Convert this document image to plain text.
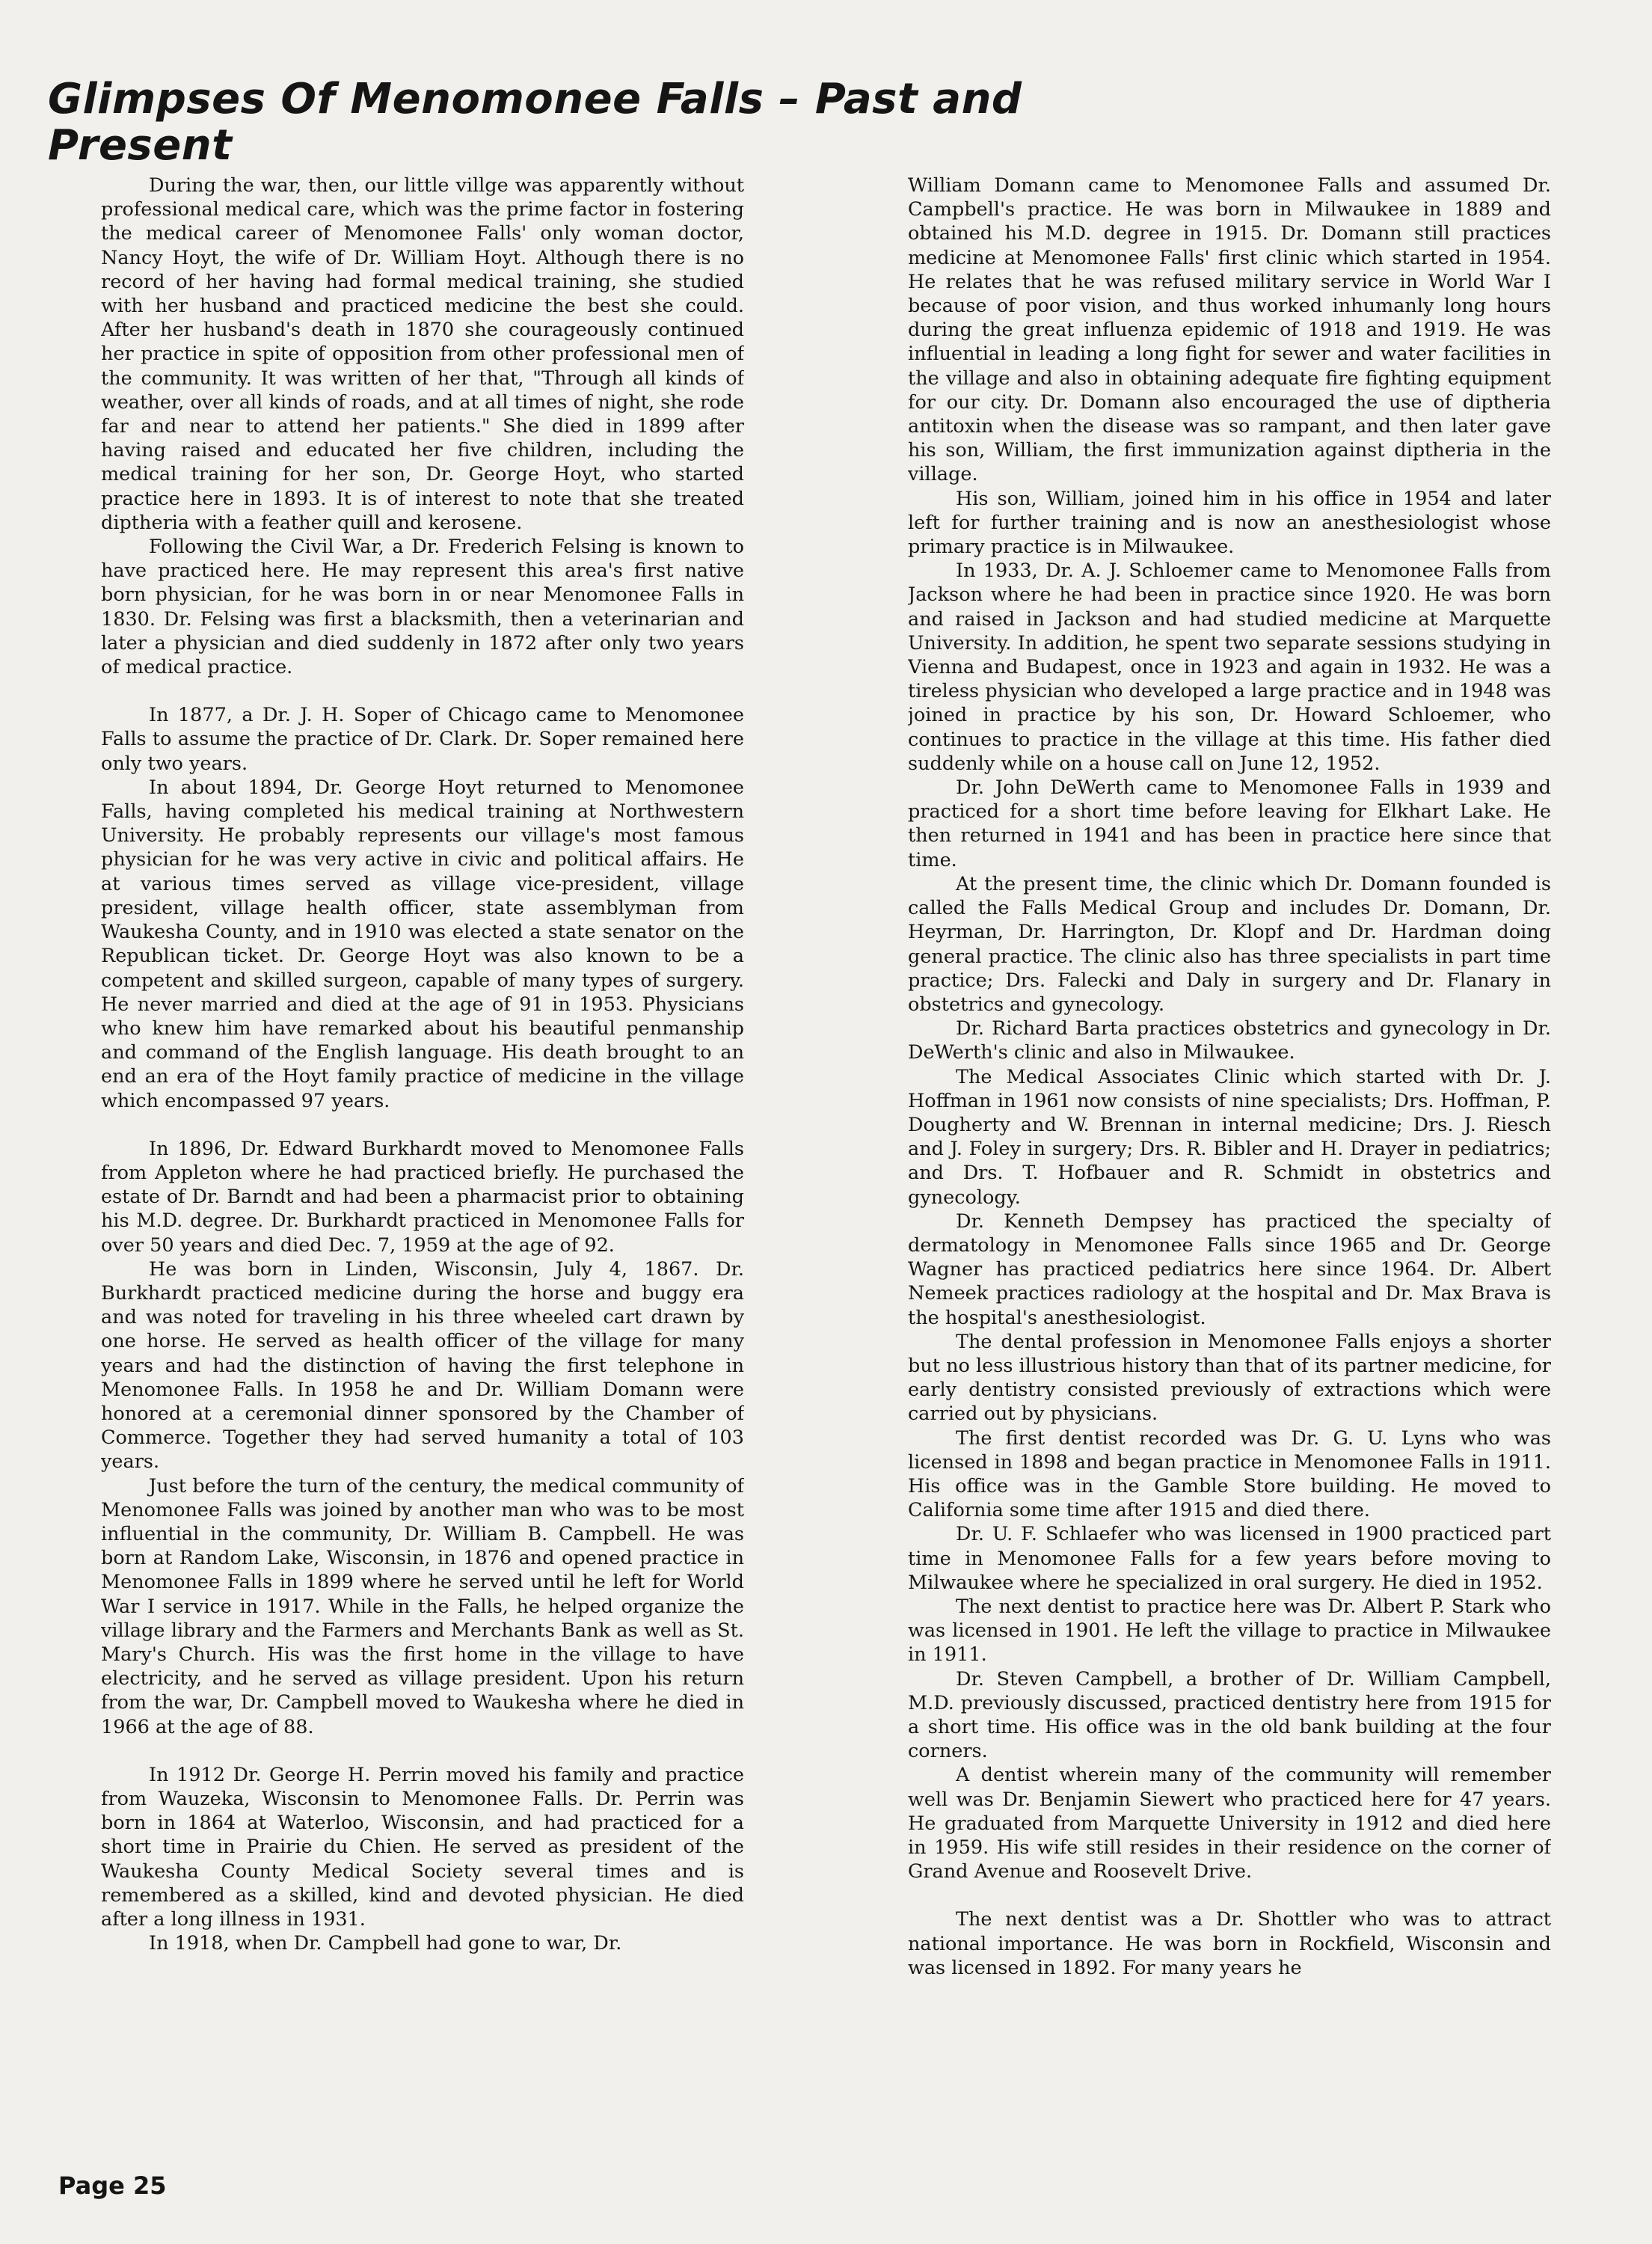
Glimpses Of Menomonee Falls – Past and Present

During the war, then, our little villge was apparently without professional medical care, which was the prime factor in fostering the medical career of Menomonee Falls' only woman doctor, Nancy Hoyt, the wife of Dr. William Hoyt. Although there is no record of her having had formal medical training, she studied with her husband and practiced medicine the best she could. After her husband's death in 1870 she courageously continued her practice in spite of opposition from other professional men of the community. It was written of her that, "Through all kinds of weather, over all kinds of roads, and at all times of night, she rode far and near to attend her patients." She died in 1899 after having raised and educated her five children, including the medical training for her son, Dr. George Hoyt, who started practice here in 1893. It is of interest to note that she treated diptheria with a feather quill and kerosene.

Following the Civil War, a Dr. Frederich Felsing is known to have practiced here. He may represent this area's first native born physician, for he was born in or near Menomonee Falls in 1830. Dr. Felsing was first a blacksmith, then a veterinarian and later a physician and died suddenly in 1872 after only two years of medical practice.

In 1877, a Dr. J. H. Soper of Chicago came to Menomonee Falls to assume the practice of Dr. Clark. Dr. Soper remained here only two years.

In about 1894, Dr. George Hoyt returned to Menomonee Falls, having completed his medical training at Northwestern University. He probably represents our village's most famous physician for he was very active in civic and political affairs. He at various times served as village vice-president, village president, village health officer, state assemblyman from Waukesha County, and in 1910 was elected a state senator on the Republican ticket. Dr. George Hoyt was also known to be a competent and skilled surgeon, capable of many types of surgery. He never married and died at the age of 91 in 1953. Physicians who knew him have remarked about his beautiful penmanship and command of the English language. His death brought to an end an era of the Hoyt family practice of medicine in the village which encompassed 97 years.

In 1896, Dr. Edward Burkhardt moved to Menomonee Falls from Appleton where he had practiced briefly. He purchased the estate of Dr. Barndt and had been a pharmacist prior to obtaining his M.D. degree. Dr. Burkhardt practiced in Menomonee Falls for over 50 years and died Dec. 7, 1959 at the age of 92.

He was born in Linden, Wisconsin, July 4, 1867. Dr. Burkhardt practiced medicine during the horse and buggy era and was noted for traveling in his three wheeled cart drawn by one horse. He served as health officer of the village for many years and had the distinction of having the first telephone in Menomonee Falls. In 1958 he and Dr. William Domann were honored at a ceremonial dinner sponsored by the Chamber of Commerce. Together they had served humanity a total of 103 years.

Just before the turn of the century, the medical community of Menomonee Falls was joined by another man who was to be most influential in the community, Dr. William B. Campbell. He was born at Random Lake, Wisconsin, in 1876 and opened practice in Menomonee Falls in 1899 where he served until he left for World War I service in 1917. While in the Falls, he helped organize the village library and the Farmers and Merchants Bank as well as St. Mary's Church. His was the first home in the village to have electricity, and he served as village president. Upon his return from the war, Dr. Campbell moved to Waukesha where he died in 1966 at the age of 88.

In 1912 Dr. George H. Perrin moved his family and practice from Wauzeka, Wisconsin to Menomonee Falls. Dr. Perrin was born in 1864 at Waterloo, Wisconsin, and had practiced for a short time in Prairie du Chien. He served as president of the Waukesha County Medical Society several times and is remembered as a skilled, kind and devoted physician. He died after a long illness in 1931.

In 1918, when Dr. Campbell had gone to war, Dr.

William Domann came to Menomonee Falls and assumed Dr. Campbell's practice. He was born in Milwaukee in 1889 and obtained his M.D. degree in 1915. Dr. Domann still practices medicine at Menomonee Falls' first clinic which started in 1954. He relates that he was refused military service in World War I because of poor vision, and thus worked inhumanly long hours during the great influenza epidemic of 1918 and 1919. He was influential in leading a long fight for sewer and water facilities in the village and also in obtaining adequate fire fighting equipment for our city. Dr. Domann also encouraged the use of diptheria antitoxin when the disease was so rampant, and then later gave his son, William, the first immunization against diptheria in the village.

His son, William, joined him in his office in 1954 and later left for further training and is now an anesthesiologist whose primary practice is in Milwaukee.

In 1933, Dr. A. J. Schloemer came to Menomonee Falls from Jackson where he had been in practice since 1920. He was born and raised in Jackson and had studied medicine at Marquette University. In addition, he spent two separate sessions studying in Vienna and Budapest, once in 1923 and again in 1932. He was a tireless physician who developed a large practice and in 1948 was joined in practice by his son, Dr. Howard Schloemer, who continues to practice in the village at this time. His father died suddenly while on a house call on June 12, 1952.

Dr. John DeWerth came to Menomonee Falls in 1939 and practiced for a short time before leaving for Elkhart Lake. He then returned in 1941 and has been in practice here since that time.

At the present time, the clinic which Dr. Domann founded is called the Falls Medical Group and includes Dr. Domann, Dr. Heyrman, Dr. Harrington, Dr. Klopf and Dr. Hardman doing general practice. The clinic also has three specialists in part time practice; Drs. Falecki and Daly in surgery and Dr. Flanary in obstetrics and gynecology.

Dr. Richard Barta practices obstetrics and gynecology in Dr. DeWerth's clinic and also in Milwaukee.

The Medical Associates Clinic which started with Dr. J. Hoffman in 1961 now consists of nine specialists; Drs. Hoffman, P. Dougherty and W. Brennan in internal medicine; Drs. J. Riesch and J. Foley in surgery; Drs. R. Bibler and H. Drayer in pediatrics; and Drs. T. Hofbauer and R. Schmidt in obstetrics and gynecology.

Dr. Kenneth Dempsey has practiced the specialty of dermatology in Menomonee Falls since 1965 and Dr. George Wagner has practiced pediatrics here since 1964. Dr. Albert Nemeek practices radiology at the hospital and Dr. Max Brava is the hospital's anesthesiologist.

The dental profession in Menomonee Falls enjoys a shorter but no less illustrious history than that of its partner medicine, for early dentistry consisted previously of extractions which were carried out by physicians.

The first dentist recorded was Dr. G. U. Lyns who was licensed in 1898 and began practice in Menomonee Falls in 1911. His office was in the Gamble Store building. He moved to California some time after 1915 and died there.

Dr. U. F. Schlaefer who was licensed in 1900 practiced part time in Menomonee Falls for a few years before moving to Milwaukee where he specialized in oral surgery. He died in 1952.

The next dentist to practice here was Dr. Albert P. Stark who was licensed in 1901. He left the village to practice in Milwaukee in 1911.

Dr. Steven Campbell, a brother of Dr. William Campbell, M.D. previously discussed, practiced dentistry here from 1915 for a short time. His office was in the old bank building at the four corners.

A dentist wherein many of the community will remember well was Dr. Benjamin Siewert who practiced here for 47 years. He graduated from Marquette University in 1912 and died here in 1959. His wife still resides in their residence on the corner of Grand Avenue and Roosevelt Drive.

The next dentist was a Dr. Shottler who was to attract national importance. He was born in Rockfield, Wisconsin and was licensed in 1892. For many years he

Page 25
